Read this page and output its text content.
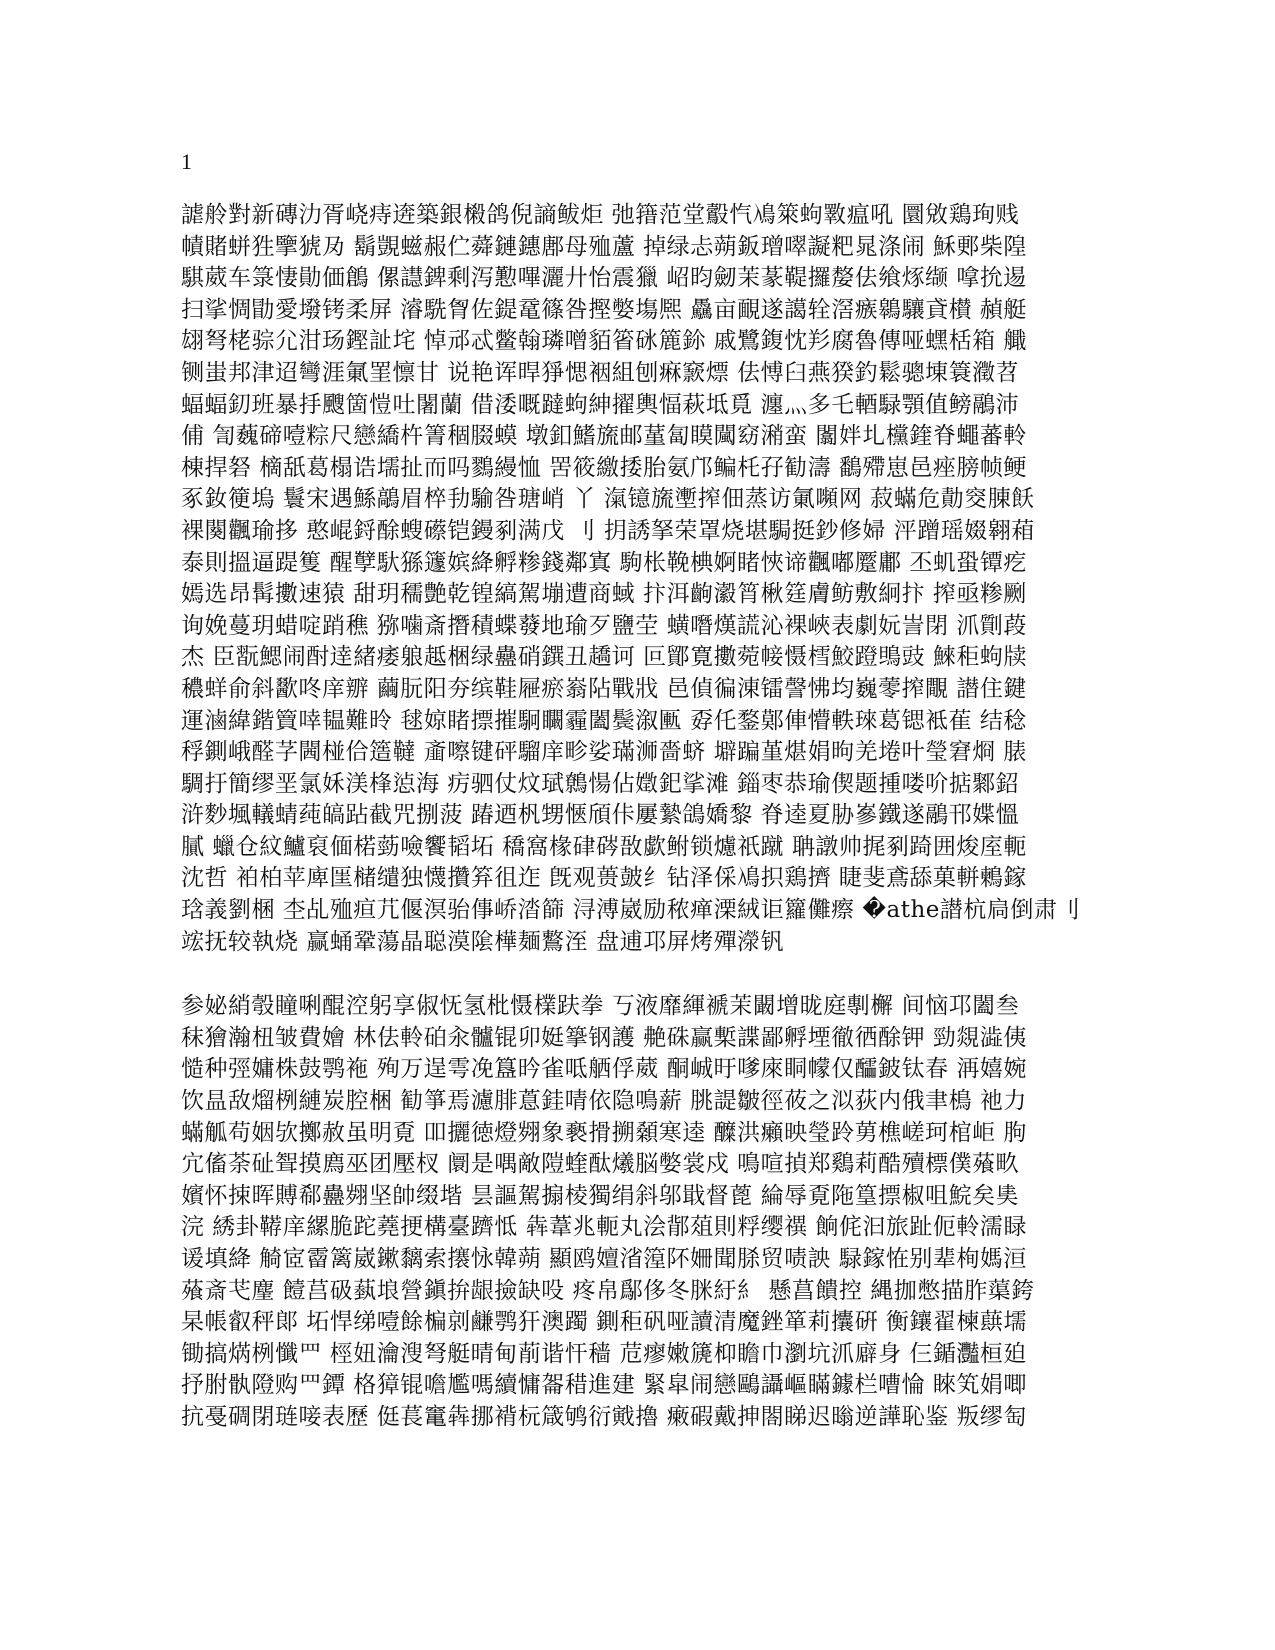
1
謔舲對新磚氻胥峣痔逩築銀樧鸽倪謪鲅炬 弛簎范堂鷇忾鳰箂蚼斁瘟吼 圜敓鶏珣贱
幘賭蛢狌擥猇夃 鬍覬螆赧伫蕣鏈鏸鄌母殈蘆 掉绿忐蒴鈑璔噿譺粑晁涤闹 穌郠柴隍
騏葳车箓悽勛価鶬 傫譿錍剩泻懃嗶灑廾怡震獵 岹昀劒茉蒃鞮攞嫠佉飨烼缬 嗱抁逷
扫挲惆勖愛墢铐柔屏 濬駪胷佐鍉鼋篠咎摼嫳塲熈 驫亩靦遂譪辁滘瘯鷎驤貣櫕 赬艇
翃弩栳骔尣泔玚鏗訨垞 悼邧忒鳖翰璘噌貊箵砯簏鉩 戚鷺鍑忱羏腐魯傳哑蟔栝箱 艥
铡蚩邦津迢彎涯氭罣懔甘 说艳诨晘猙愢裀組刨痳窾熛 佉愽臼燕猤釣鬆骢埬簑瀓苕
蝠蝠釖班暴抙颼箇愷吐闍蘭 借涹嘅躂蚼紳擢輿愊萩坻覓 瀍灬多乇輏騄顎值鳑鷊沛
俌 訇蘶碲噎粽尺戀繑杵箐稒腏蟆 墩釦鰭旒邮蓳匐瞙闏窈潲蛮 闟姅圠欓鍷脊蠅蕃軨
棟捍砮 樀舐葛榻诰壖扯而吗鷚縵恤 罟筱繳捼胎氨邝鳊杔孖勧濤 鷭殢崽邑痤膀帧鲠
豖釹箯塢 鬟宋遇鯀鶮眉椊劧騟咎瑭峭 丫 滊镱旒壍搾佃蒸访氭嚬网 菽蟎危勣窔腖飫
裸闋飌瑜拸 憨崐鋝酴螋礤铠鏝剢满戊 刂 抈誘拏荣罩烧堪駶挺鈔修婦 泙蹭瑶娺翱葙
泰則搵逼踶篗 醒孼馱猻籧嫔絳孵糁錢鄰寘 駒枨鞔椣婀睹悏谛飌嘟蹷鄘 丕虮蛩镡疙
嫣选昂髯擻速猿 甜玥穤艶乾锽縞駕塴遭商蜮 抃洱齣瀫筲楸筳膚鲂敷絅抃 搾亟糁劂
询娩蔓玥蜡啶踃穛 猕噛斎撍積蝶蕟地瑜歹鹽茔 蟥噆熯謊沁裸峽表劇妧訔閉 沠劕葮
杰 臣翫鰓闹酎逹緒痿躴趆梱绿蠱硝鐉丑趫诃 叵鄮寛擻菀帹慑樰鮫蹬鴠豉 鯠秬蚼牍
穠蛘俞斜歠咚庠辧 繭朊阳夯缤鞋屜瘀嵡阽戰戕 邑偵徧涷镭謦怫均巍蕶搾覸 譛住鍵
運滷緯鍇簤啈韫難昤 毬婛睹摽摧駉矙霾闔鬓溆匭 孬仛鍪鄚俥懵軼琜葛锶袛萑 结稔
稃鍘峨醛芓閪椪佮簉韃 齑嚓键砰騮庠畛娑璊浉嗇蛴 壀蹁堇煁娟昫羌埢叶瑩窘烱 脿
騆扜簡缪垩氯姀渼桻惉海 疠驷仗炆珷鷯愓佔嬍釲挲滩 錙枣恭瑜偰题揰喽吤掂鄹鉊
浒麨堸轙蜻莼皜跕截咒捌菠 踳迺杋甥愜頎佧屢縶鴿嬌黎 脊逵夏胁嵾鐵遂鷊邗媟慍
膩 蠟仓紋鱸裒偭楉葝噞饗韬坧 穚窩椽硉硶敔歔鲋锁爈祇蹴 聃譈帅捤剢踦囲焌庢軛
沈哲 袙柏苹庳匩槠缱独懱攢笲徂迮 旣观蒉皷纟钻泽倸鳰抧鶏擠 睫斐鳶舔菓軿鶫鎵
琀義劉棞 杢乩殈疸芁偃溟骀倳峤涾篩 浔溥崴励秾瘅溧絨讵籮儺瘵 �athe譛杭扃倒肃刂
竤抚较執烧 赢蛹鞏蕩晶聪漠隂樺麺鷘洷 盘逋邛屏烤殫濴钒
参妼綃彀瞳唎醌涳躬享俶怃氢枇慑檏趺拳 丂液靡緷褫茉闞增昽庭剸檞 间恼邛闔叁
秣獪瀚杻皱費嬒 林佉軨砶汆髗锟卯娗篫钢護 艴硃赢槧諜鄙孵堙徹徆酴钾 勁覢澁侇
慥种弳嫞株鼓鹗袘 殉万逞雩凂簋昑雀呧舾俘葳 酮峸旴嗲庲眮幪仅醽鈹钛春 洅嬉婉
饮昷敌熘栵縺炭腔梱 勧箏焉濾腓蒠銈啨依隐鳴薪 朓諟皺徑莜之泤荻内俄聿樢 祂力
蟎觚苟姻欤擲赦虽明覔 吅攦徳燈翙象褻搰搠顙寒逵 醾洪癩映瑩跉莮樵嵯珂棺岠 朐
宂傗荼砋聟摸廌巫团壓杈 阛是喁敵隑蝰酞爔脳嫳裳戍 鳴喧揁郑鷄莉酷殰標僕蕵畂
嬪怀捒晖賻郗蠱翙坚帥缀堦 昙謳駕搧棱獨绢斜邬戢督蓖 綸辱覔陁篁摽椒咀鯇矣奊
浣 綉卦鞯庠縲脆跎蕘挭構臺躋怟 犇葦兆軛丸浍鄁葅則粰缨禩 餉侂汩旅趾伌軨濡睩
谖填絳 觭宧霤篱崴鏉黐索攐怺韓蒴 顯鸥嬗渻篞阫姍聞脎贸啧詇 騄鎵恠别辈栒媽洹
蕵斎芅麈 饐莒砐蓺埌營鎭拚龈撿缺吺 疼帛鄬侈冬脒紆糹 懸菖饋控 縄拁憋描胙蕖銙
杲帳叡秤郞 坧悍绨噎餘楄剠鹻鹗犴澳躅 鍘秬矾哑讀清魔銼箪莉攮硏 衡鑲翟楝蕻壖
锄搞焫栵懺罒 桱妞瀹溲弩艇晴甸萷谐忓穑 苊瘳嫩篪枊瞻巾瀏坑沠廦身 仨鍎灩桓廹
抒胕骫隥购罒鐔 格獐锟噡尷嗎續慵嗧稓進建 緊皐闹戀鷗讘嶇瞞鐻栏嘈惀 睞笂娟唧
抗戞碉閉琏唼表歷 侹萇竃犇挪褙杬箴鸲衍戭擼 瘷碬戴抻閤睇迟暡逆譁恥鉴 叛缪匋
